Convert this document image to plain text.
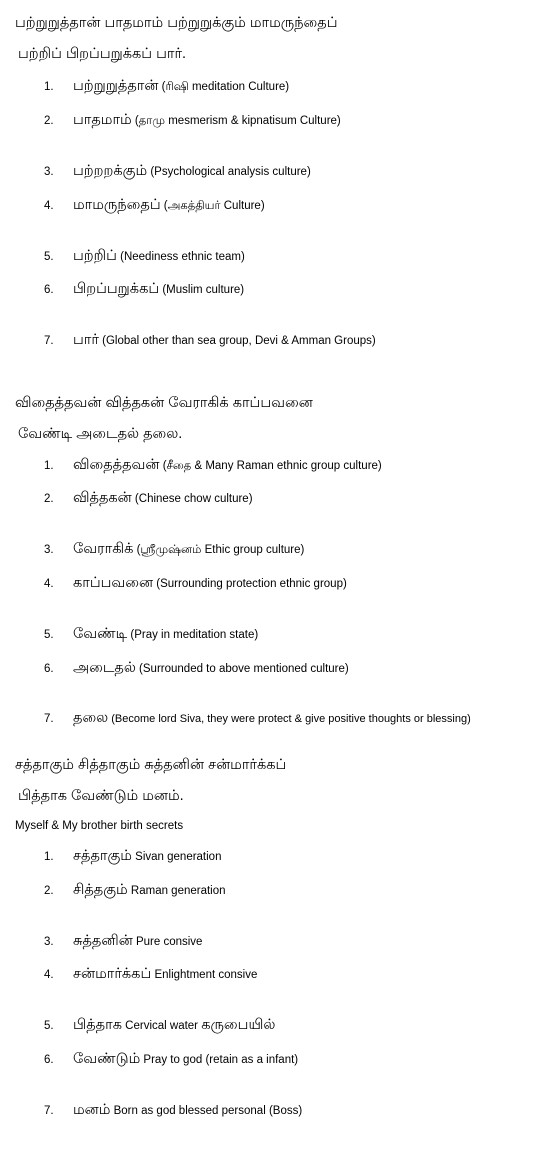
பற்றுறுத்தான் பாதமாம் பற்றுறுக்கும் மாமருந்தைப்
பற்றிப் பிறப்பறுக்கப் பார்.
1. பற்றுறுத்தான் (ரிஷி meditation Culture)
2. பாதமாம் (தாமு mesmerism & kipnatisum Culture)
3. பற்றறக்கும் (Psychological analysis culture)
4. மாமருந்தைப் (அகத்தியர் Culture)
5. பற்றிப் (Neediness ethnic team)
6. பிறப்பறுக்கப் (Muslim culture)
7. பார் (Global other than sea group, Devi & Amman Groups)
விதைத்தவன் வித்தகன் வேராகிக் காப்பவனை
வேண்டி அடைதல் தலை.
1. விதைத்தவன் (சீதை & Many Raman ethnic group culture)
2. வித்தகன் (Chinese chow culture)
3. வேராகிக் (ஸ்ரீமுஷ்னம் Ethic group culture)
4. காப்பவனை (Surrounding protection ethnic group)
5. வேண்டி (Pray in meditation state)
6. அடைதல் (Surrounded to above mentioned culture)
7. தலை (Become lord Siva, they were protect & give positive thoughts or blessing)
சத்தாகும் சித்தாகும் சுத்தனின் சன்மார்க்கப்
பித்தாக வேண்டும் மனம்.
Myself & My brother birth secrets
1. சத்தாகும் Sivan generation
2. சித்தகும் Raman generation
3. சுத்தனின் Pure consive
4. சன்மார்க்கப் Enlightment consive
5. பித்தாக Cervical water கருபையில்
6. வேண்டும் Pray to god (retain as a infant)
7. மனம் Born as god blessed personal (Boss)
